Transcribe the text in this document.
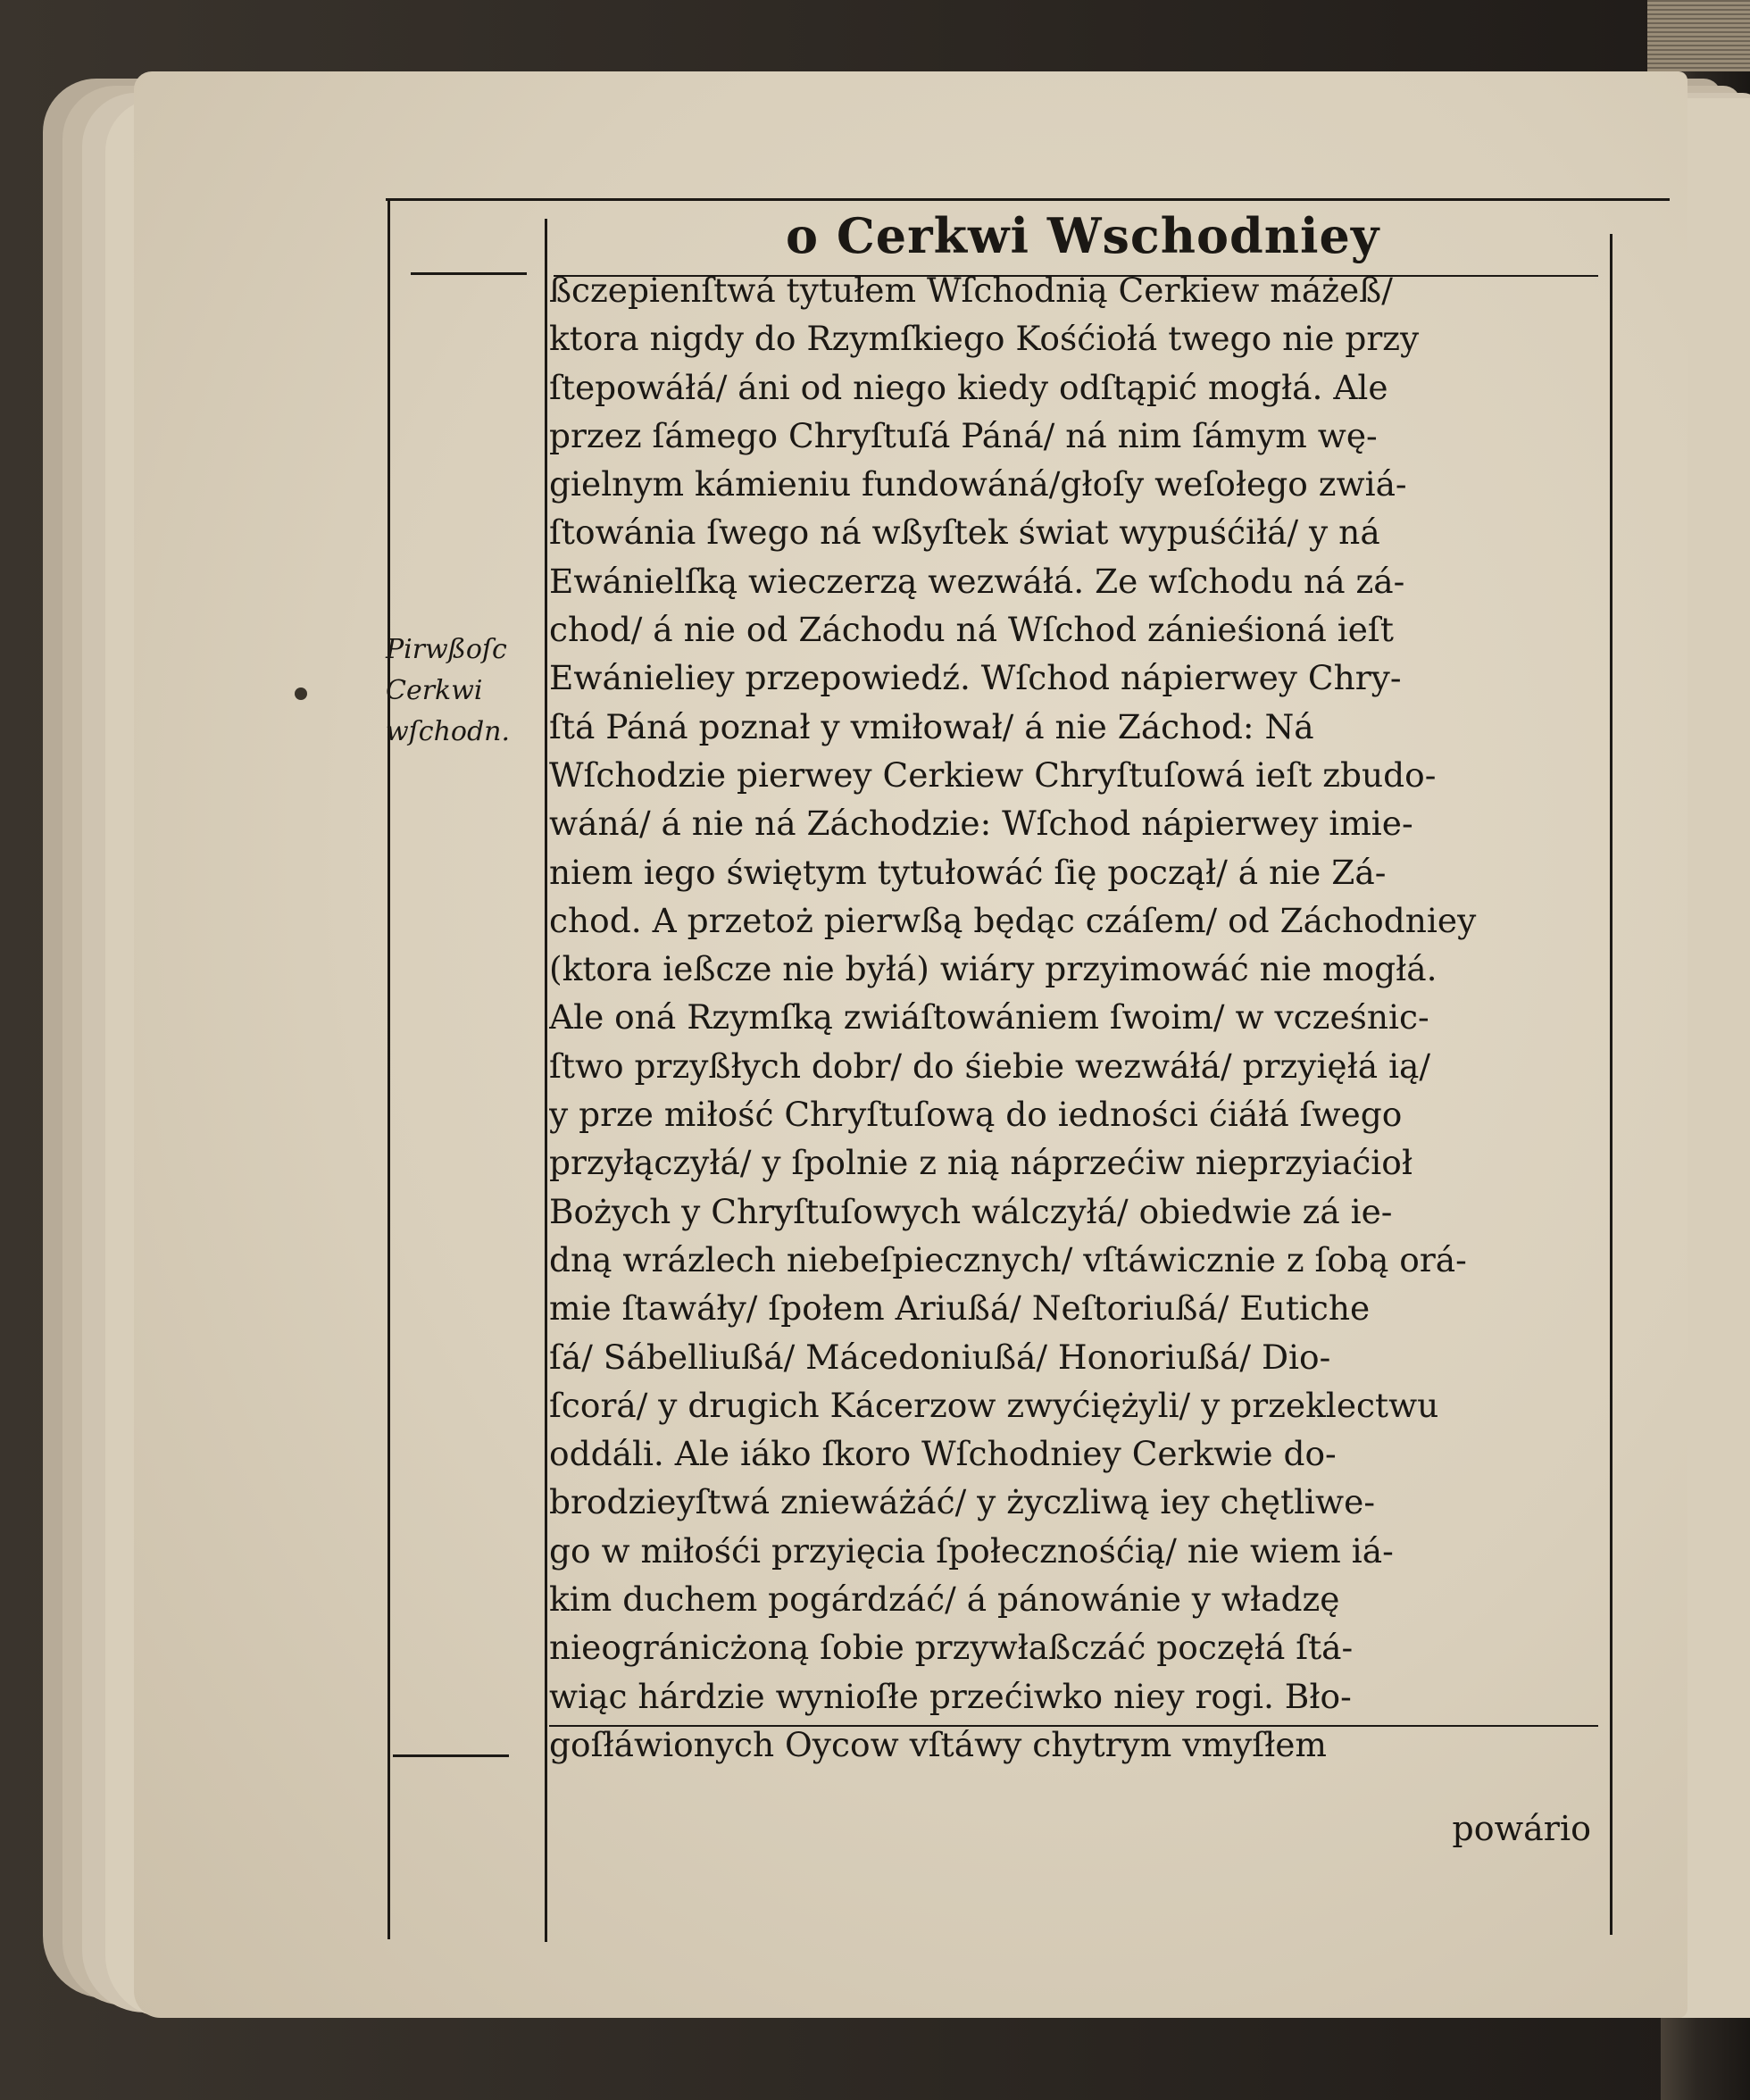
o Cerkwi Wschodniey
Pirwßoſc
Cerkwi
wſchodn.
ßczepienſtwá tytułem Wſchodnią Cerkiew máżeß/
ktora nigdy do Rzymſkiego Kośćiołá twego nie przy
ſtepowáłá/ áni od niego kiedy odſtąpić mogłá. Ale
przez ſámego Chryſtuſá Páná/ ná nim ſámym wę-
gielnym kámieniu fundowáná/głoſy weſołego zwiá-
ſtowánia ſwego ná wßyſtek świat wypuśćiłá/ y ná
Ewánielſką wieczerzą wezwáłá. Ze wſchodu ná zá-
chod/ á nie od Záchodu ná Wſchod zánieśioná ieſt
Ewánieliey przepowiedź. Wſchod nápierwey Chry-
ſtá Páná poznał y vmiłował/ á nie Záchod: Ná
Wſchodzie pierwey Cerkiew Chryſtuſowá ieſt zbudo-
wáná/ á nie ná Záchodzie: Wſchod nápierwey imie-
niem iego świętym tytułowáć ſię począł/ á nie Zá-
chod. A przetoż pierwßą będąc czáſem/ od Záchodniey
(ktora ießcze nie byłá) wiáry przyimowáć nie mogłá.
Ale oná Rzymſką zwiáſtowániem ſwoim/ w vcześnic-
ſtwo przyßłych dobr/ do śiebie wezwáłá/ przyięłá ią/
y prze miłość Chryſtuſową do iedności ćiáłá ſwego
przyłączyłá/ y ſpolnie z nią náprzećiw nieprzyiaćioł
Bożych y Chryſtuſowych wálczyłá/ obiedwie zá ie-
dną wrázlech niebeſpiecznych/ vſtáwicznie z ſobą orá-
mie ſtawáły/ ſpołem Ariußá/ Neſtoriußá/ Eutiche
ſá/ Sábelliußá/ Mácedoniußá/ Honoriußá/ Dio-
ſcorá/ y drugich Kácerzow zwyćiężyli/ y przeklectwu
oddáli. Ale iáko ſkoro Wſchodniey Cerkwie do-
brodzieyſtwá zniewáżáć/ y życzliwą iey chętliwe-
go w miłośći przyięcia ſpołecznośćią/ nie wiem iá-
kim duchem pogárdzáć/ á pánowánie y władzę
nieogránicżoną ſobie przywłaßczáć poczęłá ſtá-
wiąc hárdzie wynioſłe przećiwko niey rogi. Bło-
goſłáwionych Oycow vſtáwy chytrym vmyſłem
powário
